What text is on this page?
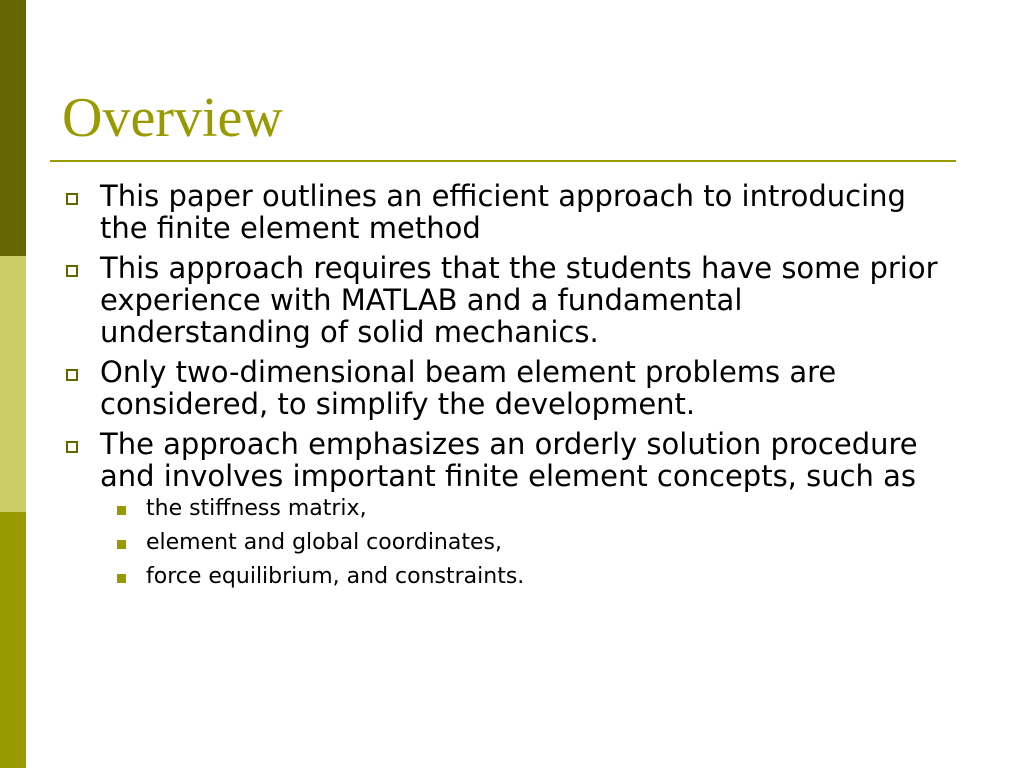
Overview
This paper outlines an efficient approach to introducing the finite element method
This approach requires that the students have some prior experience with MATLAB and a fundamental understanding of solid mechanics.
Only two-dimensional beam element problems are considered, to simplify the development.
The approach emphasizes an orderly solution procedure and involves important finite element concepts, such as
the stiffness matrix,
element and global coordinates,
force equilibrium, and constraints.
